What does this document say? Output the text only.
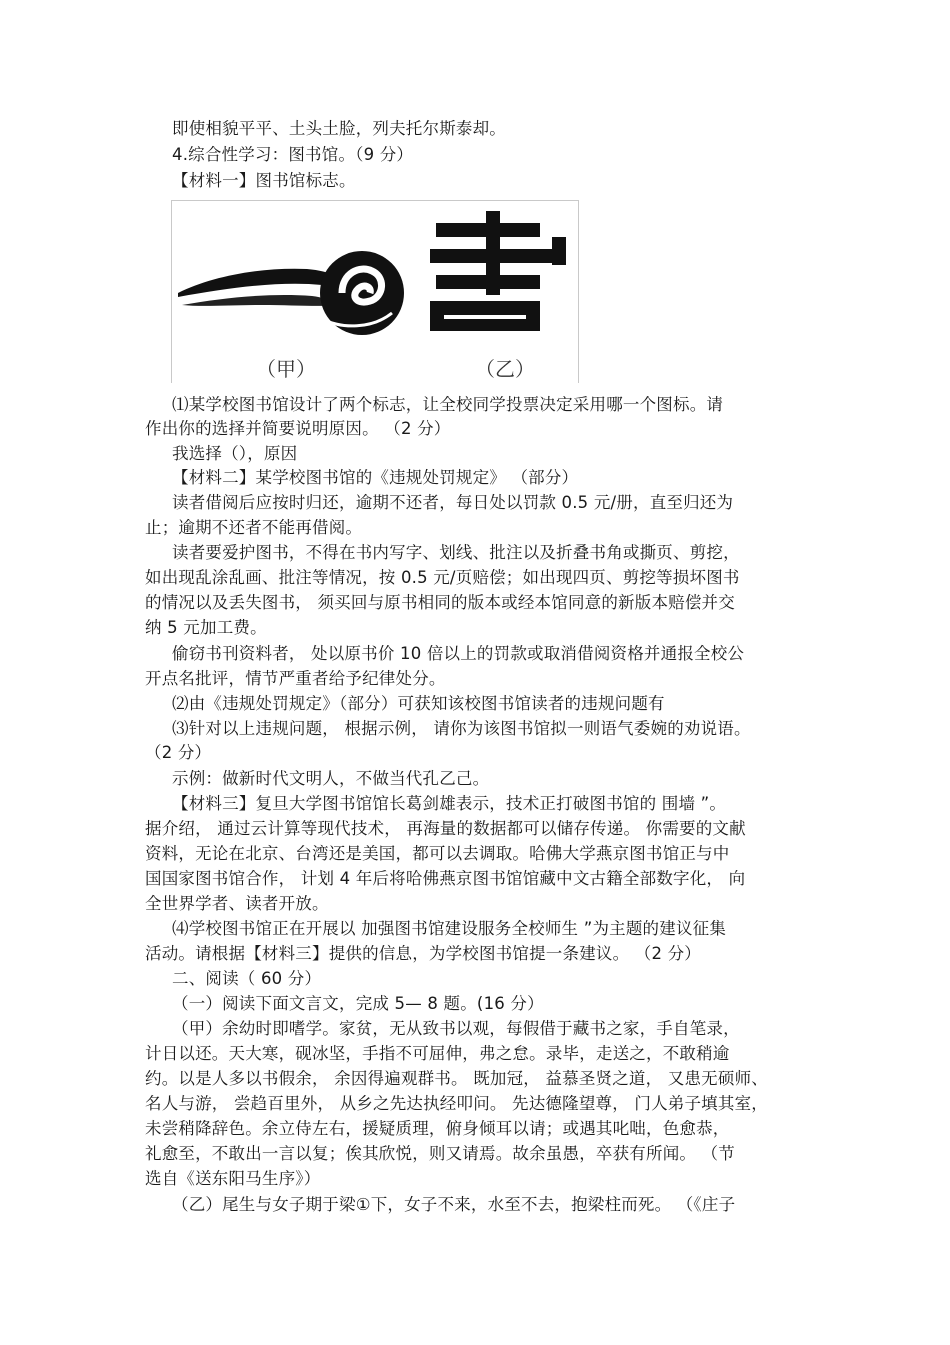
即使相貌平平、土头土脸，列夫托尔斯泰却。
4.综合性学习：图书馆。（9 分）
【材料一】图书馆标志。
（甲）	（乙）
⑴某学校图书馆设计了两个标志，让全校同学投票决定采用哪一个图标。请
作出你的选择并简要说明原因。 （2 分）
我选择（），原因
【材料二】某学校图书馆的《违规处罚规定》 （部分）
读者借阅后应按时归还，逾期不还者，每日处以罚款 0.5 元/册，直至归还为
止；逾期不还者不能再借阅。
读者要爱护图书，不得在书内写字、划线、批注以及折叠书角或撕页、剪挖，
如出现乱涂乱画、批注等情况，按 0.5 元/页赔偿；如出现四页、剪挖等损坏图书
的情况以及丢失图书， 须买回与原书相同的版本或经本馆同意的新版本赔偿并交
纳 5 元加工费。
偷窃书刊资料者， 处以原书价 10 倍以上的罚款或取消借阅资格并通报全校公
开点名批评，情节严重者给予纪律处分。
⑵由《违规处罚规定》（部分）可获知该校图书馆读者的违规问题有
⑶针对以上违规问题， 根据示例， 请你为该图书馆拟一则语气委婉的劝说语。
（2 分）
示例：做新时代文明人，不做当代孔乙己。
【材料三】复旦大学图书馆馆长葛剑雄表示，技术正打破图书馆的 围墙 ”。
据介绍， 通过云计算等现代技术， 再海量的数据都可以储存传递。 你需要的文献
资料，无论在北京、台湾还是美国，都可以去调取。哈佛大学燕京图书馆正与中
国国家图书馆合作， 计划 4 年后将哈佛燕京图书馆馆藏中文古籍全部数字化， 向
全世界学者、读者开放。
⑷学校图书馆正在开展以 加强图书馆建设服务全校师生 ”为主题的建议征集
活动。请根据【材料三】提供的信息，为学校图书馆提一条建议。 （2 分）
二、阅读（ 60 分）
（一）阅读下面文言文，完成 5— 8 题。(16 分）
（甲）余幼时即嗜学。家贫，无从致书以观，每假借于藏书之家，手自笔录，
计日以还。天大寒，砚冰坚，手指不可屈伸，弗之怠。录毕，走送之，不敢稍逾
约。以是人多以书假余， 余因得遍观群书。 既加冠， 益慕圣贤之道， 又患无硕师、
名人与游， 尝趋百里外， 从乡之先达执经叩问。 先达德隆望尊， 门人弟子填其室，
未尝稍降辞色。余立侍左右，援疑质理，俯身倾耳以请；或遇其叱咄，色愈恭，
礼愈至，不敢出一言以复；俟其欣悦，则又请焉。故余虽愚，卒获有所闻。 （节
选自《送东阳马生序》）
（乙）尾生与女子期于梁①下，女子不来，水至不去，抱梁柱而死。 （《庄子
